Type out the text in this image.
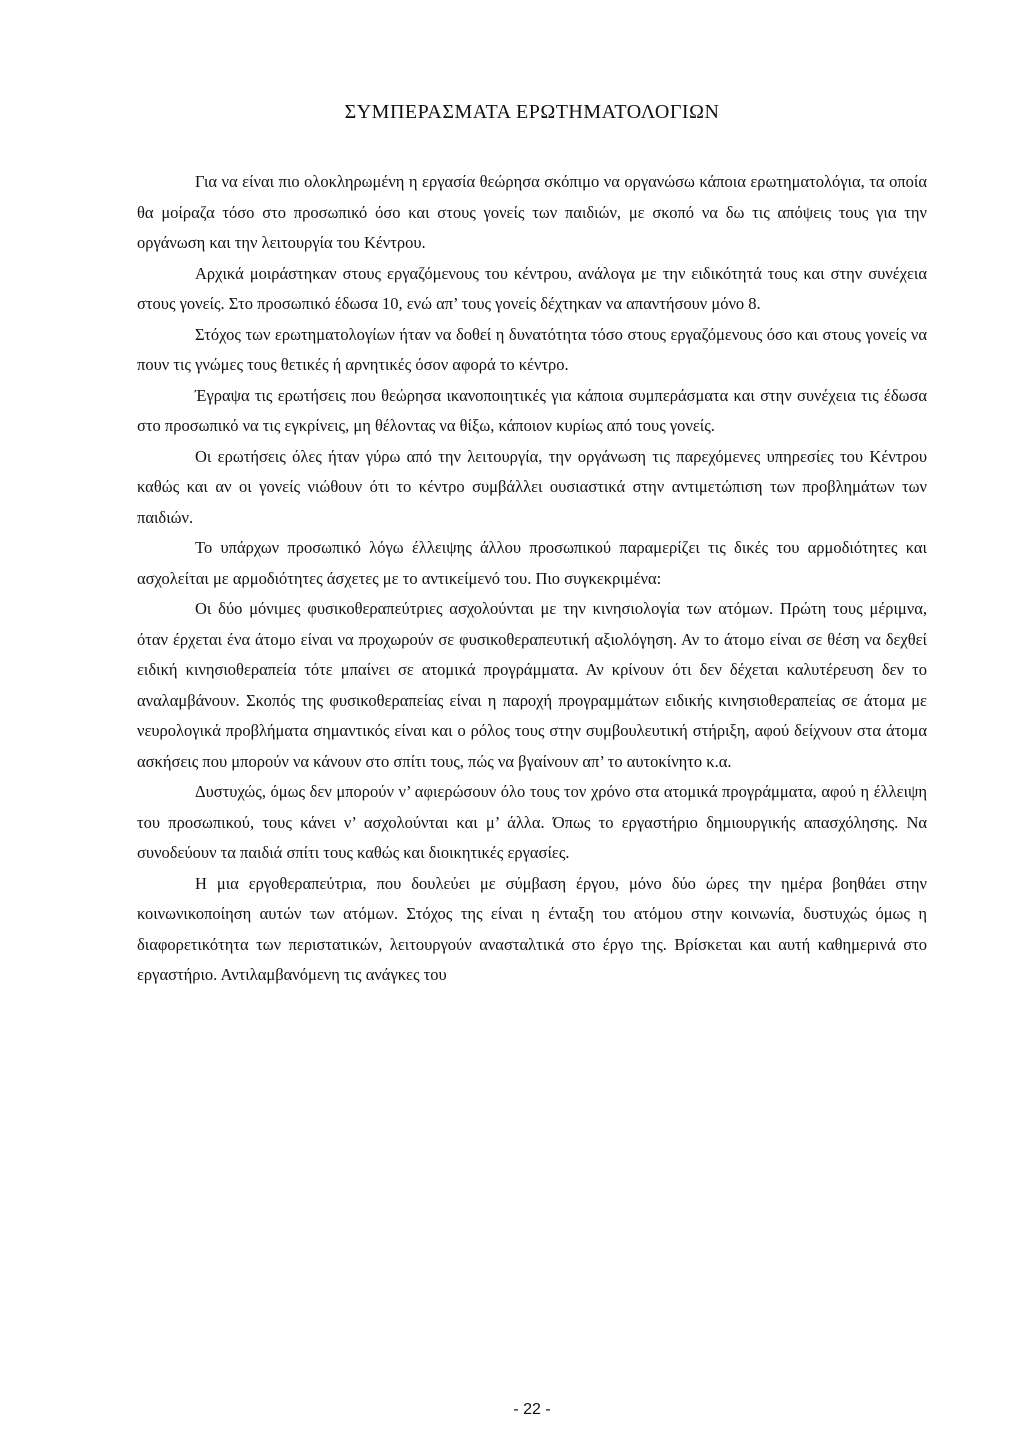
ΣΥΜΠΕΡΑΣΜΑΤΑ ΕΡΩΤΗΜΑΤΟΛΟΓΙΩΝ

Για να είναι πιο ολοκληρωμένη η εργασία θεώρησα σκόπιμο να οργανώσω κάποια ερωτηματολόγια, τα οποία θα μοίραζα τόσο στο προσωπικό όσο και στους γονείς των παιδιών, με σκοπό να δω τις απόψεις τους για την οργάνωση και την λειτουργία του Κέντρου.

Αρχικά μοιράστηκαν στους εργαζόμενους του κέντρου, ανάλογα με την ειδικότητά τους και στην συνέχεια στους γονείς. Στο προσωπικό έδωσα 10, ενώ απ’ τους γονείς δέχτηκαν να απαντήσουν μόνο 8.

Στόχος των ερωτηματολογίων ήταν να δοθεί η δυνατότητα τόσο στους εργαζόμενους όσο και στους γονείς να πουν τις γνώμες τους θετικές ή αρνητικές όσον αφορά το κέντρο.

Έγραψα τις ερωτήσεις που θεώρησα ικανοποιητικές για κάποια συμπεράσματα και στην συνέχεια τις έδωσα στο προσωπικό να τις εγκρίνεις, μη θέλοντας να θίξω, κάποιον κυρίως από τους γονείς.

Οι ερωτήσεις όλες ήταν γύρω από την λειτουργία, την οργάνωση τις παρεχόμενες υπηρεσίες του Κέντρου καθώς και αν οι γονείς νιώθουν ότι το κέντρο συμβάλλει ουσιαστικά στην αντιμετώπιση των προβλημάτων των παιδιών.

Το υπάρχων προσωπικό λόγω έλλειψης άλλου προσωπικού παραμερίζει τις δικές του αρμοδιότητες και ασχολείται με αρμοδιότητες άσχετες με το αντικείμενό του. Πιο συγκεκριμένα:

Οι δύο μόνιμες φυσικοθεραπεύτριες ασχολούνται με την κινησιολογία των ατόμων. Πρώτη τους μέριμνα, όταν έρχεται ένα άτομο είναι να προχωρούν σε φυσικοθεραπευτική αξιολόγηση. Αν το άτομο είναι σε θέση να δεχθεί ειδική κινησιοθεραπεία τότε μπαίνει σε ατομικά προγράμματα. Αν κρίνουν ότι δεν δέχεται καλυτέρευση δεν το αναλαμβάνουν. Σκοπός της φυσικοθεραπείας είναι η παροχή προγραμμάτων ειδικής κινησιοθεραπείας σε άτομα με νευρολογικά προβλήματα σημαντικός είναι και ο ρόλος τους στην συμβουλευτική στήριξη, αφού δείχνουν στα άτομα ασκήσεις που μπορούν να κάνουν στο σπίτι τους, πώς να βγαίνουν απ’ το αυτοκίνητο κ.α.

Δυστυχώς, όμως δεν μπορούν ν’ αφιερώσουν όλο τους τον χρόνο στα ατομικά προγράμματα, αφού η έλλειψη του προσωπικού, τους κάνει ν’ ασχολούνται και μ’ άλλα. Όπως το εργαστήριο δημιουργικής απασχόλησης. Να συνοδεύουν τα παιδιά σπίτι τους καθώς και διοικητικές εργασίες.

Η μια εργοθεραπεύτρια, που δουλεύει με σύμβαση έργου, μόνο δύο ώρες την ημέρα βοηθάει στην κοινωνικοποίηση αυτών των ατόμων. Στόχος της είναι η ένταξη του ατόμου στην κοινωνία, δυστυχώς όμως η διαφορετικότητα των περιστατικών, λειτουργούν ανασταλτικά στο έργο της. Βρίσκεται και αυτή καθημερινά στο εργαστήριο. Αντιλαμβανόμενη τις ανάγκες του

- 22 -
